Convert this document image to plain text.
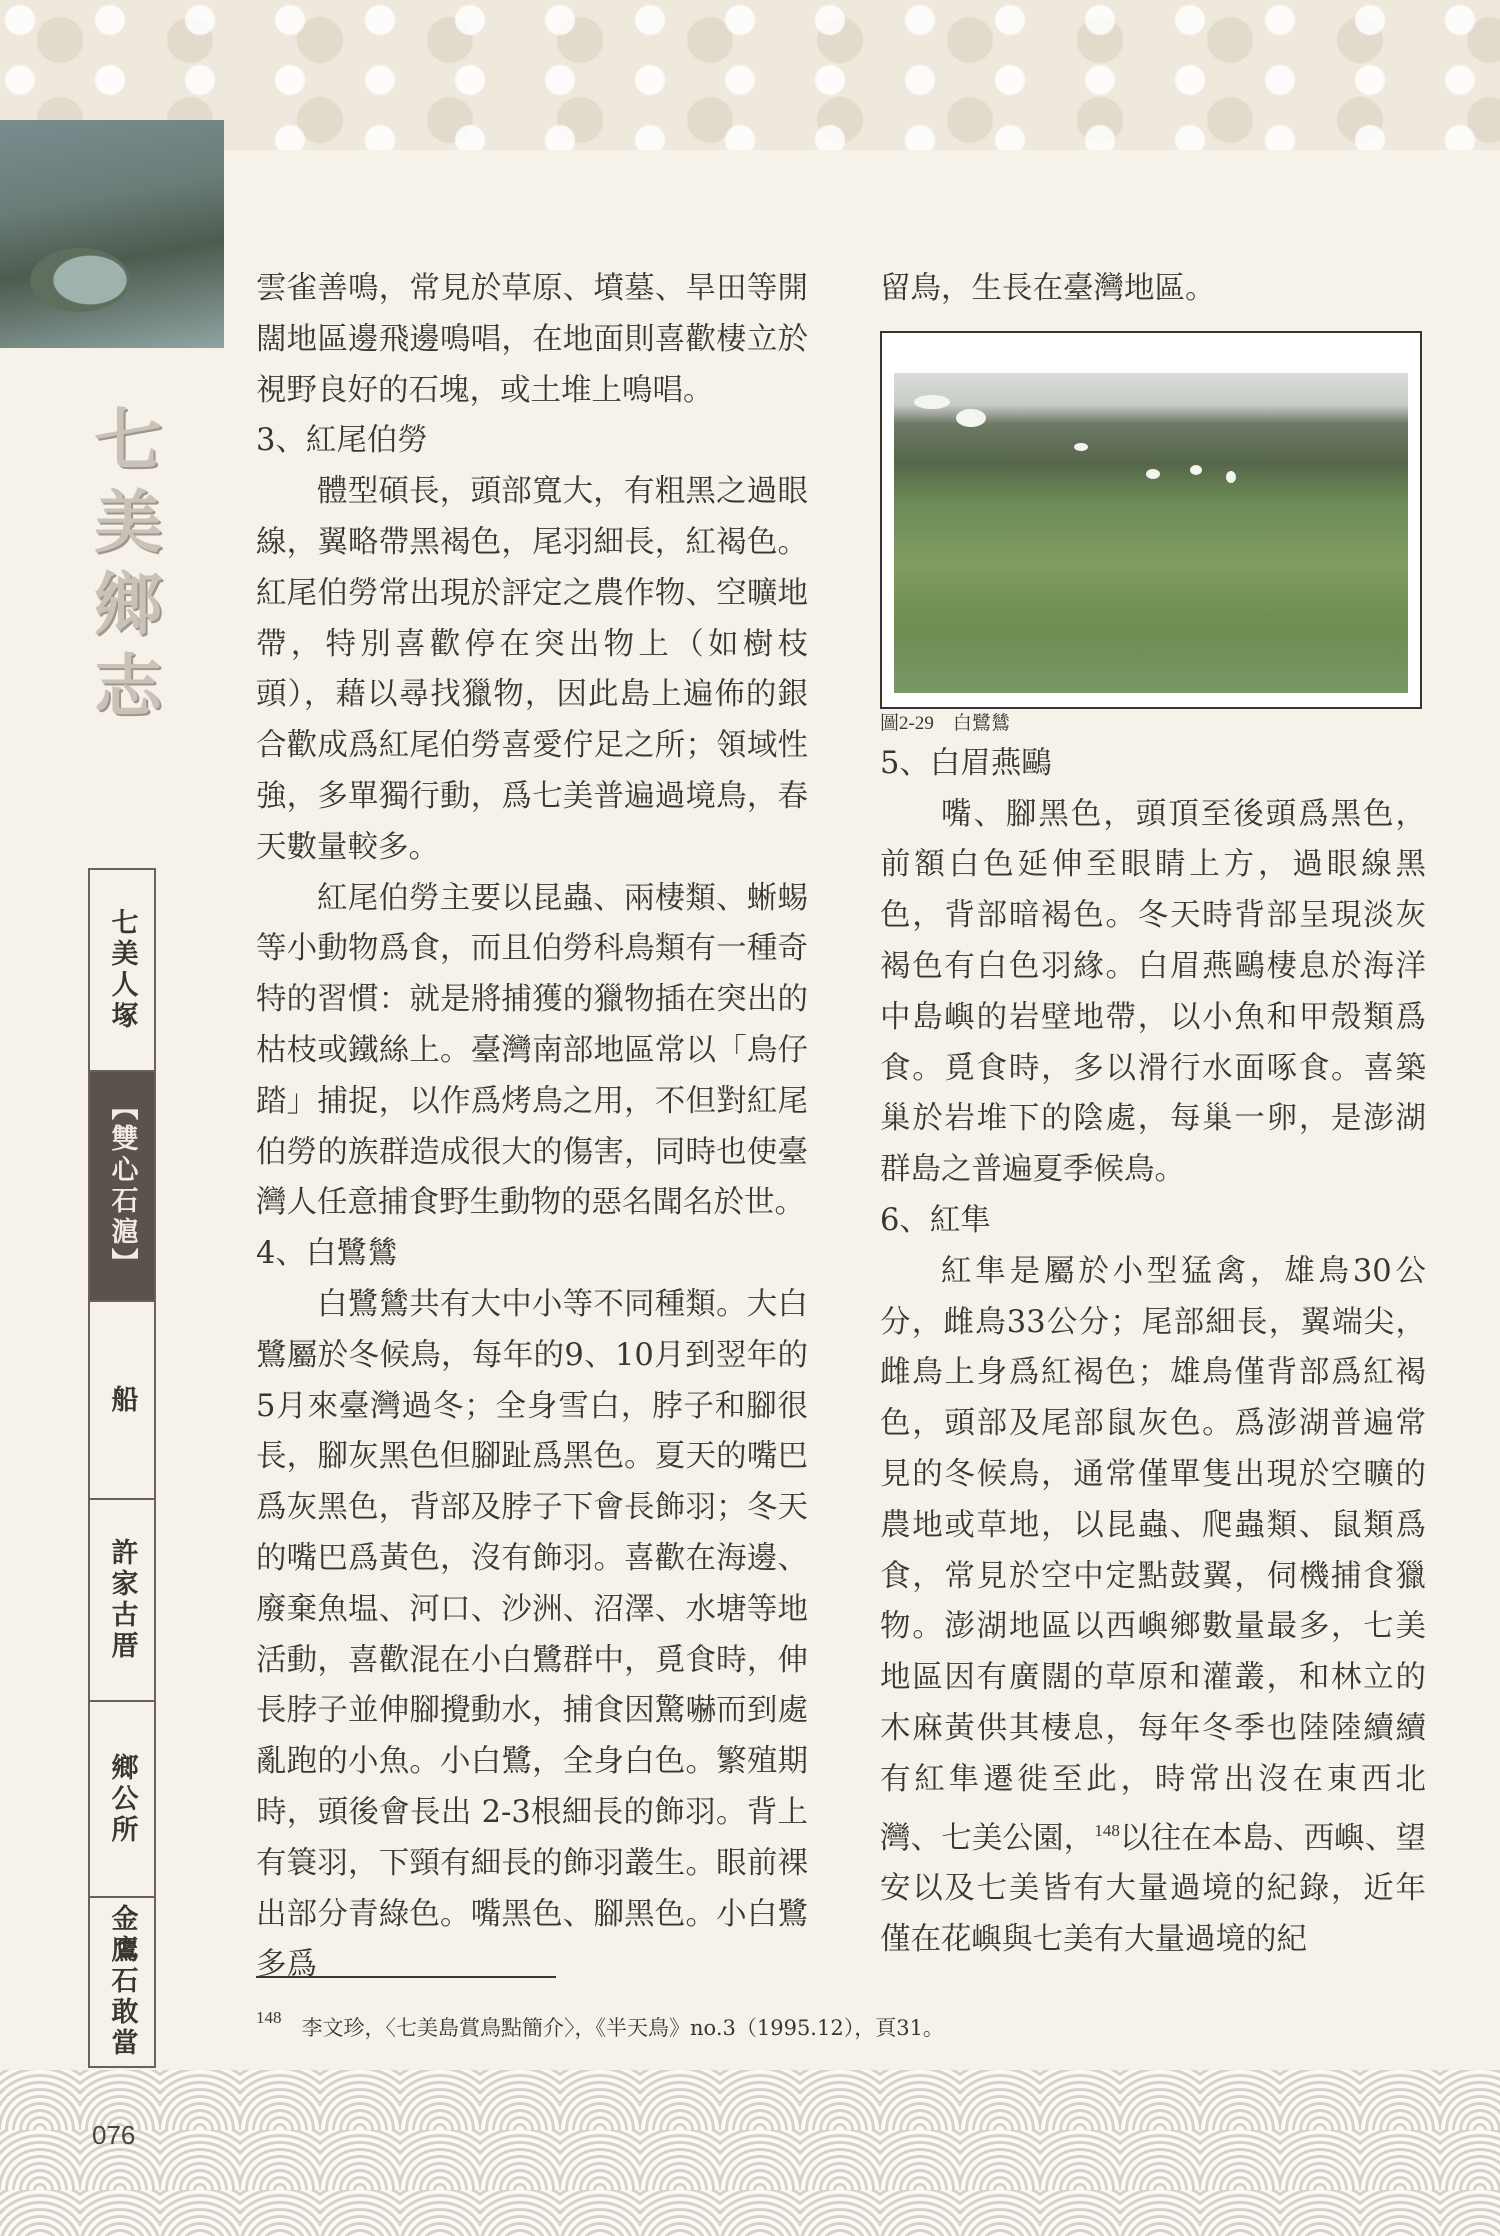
七美鄉志
七美人塚
【雙心石滬】
船
許家古厝
鄉公所
金鷹石敢當

雲雀善鳴，常見於草原、墳墓、旱田等開闊地區邊飛邊鳴唱，在地面則喜歡棲立於視野良好的石塊，或土堆上鳴唱。

3、紅尾伯勞

體型碩長，頭部寬大，有粗黑之過眼線，翼略帶黑褐色，尾羽細長，紅褐色。紅尾伯勞常出現於評定之農作物、空曠地帶，特別喜歡停在突出物上（如樹枝頭），藉以尋找獵物，因此島上遍佈的銀合歡成爲紅尾伯勞喜愛佇足之所；領域性強，多單獨行動，爲七美普遍過境鳥，春天數量較多。

紅尾伯勞主要以昆蟲、兩棲類、蜥蜴等小動物爲食，而且伯勞科鳥類有一種奇特的習慣：就是將捕獲的獵物插在突出的枯枝或鐵絲上。臺灣南部地區常以「鳥仔踏」捕捉，以作爲烤鳥之用，不但對紅尾伯勞的族群造成很大的傷害，同時也使臺灣人任意捕食野生動物的惡名聞名於世。

4、白鷺鷥

白鷺鷥共有大中小等不同種類。大白鷺屬於冬候鳥，每年的9、10月到翌年的5月來臺灣過冬；全身雪白，脖子和腳很長，腳灰黑色但腳趾爲黑色。夏天的嘴巴爲灰黑色，背部及脖子下會長飾羽；冬天的嘴巴爲黃色，沒有飾羽。喜歡在海邊、廢棄魚塭、河口、沙洲、沼澤、水塘等地活動，喜歡混在小白鷺群中，覓食時，伸長脖子並伸腳攪動水，捕食因驚嚇而到處亂跑的小魚。小白鷺，全身白色。繁殖期時，頭後會長出 2-3根細長的飾羽。背上有簑羽，下頸有細長的飾羽叢生。眼前裸出部分青綠色。嘴黑色、腳黑色。小白鷺多爲

留鳥，生長在臺灣地區。

圖2-29　白鷺鷥

5、白眉燕鷗

嘴、腳黑色，頭頂至後頭爲黑色，前額白色延伸至眼睛上方，過眼線黑色，背部暗褐色。冬天時背部呈現淡灰褐色有白色羽緣。白眉燕鷗棲息於海洋中島嶼的岩壁地帶，以小魚和甲殼類爲食。覓食時，多以滑行水面啄食。喜築巢於岩堆下的陰處，每巢一卵，是澎湖群島之普遍夏季候鳥。

6、紅隼

紅隼是屬於小型猛禽，雄鳥30公分，雌鳥33公分；尾部細長，翼端尖，雌鳥上身爲紅褐色；雄鳥僅背部爲紅褐色，頭部及尾部鼠灰色。爲澎湖普遍常見的冬候鳥，通常僅單隻出現於空曠的農地或草地，以昆蟲、爬蟲類、鼠類爲食，常見於空中定點鼓翼，伺機捕食獵物。澎湖地區以西嶼鄉數量最多，七美地區因有廣闊的草原和灌叢，和林立的木麻黃供其棲息，每年冬季也陸陸續續有紅隼遷徙至此，時常出沒在東西北灣、七美公園，$^{148}$以往在本島、西嶼、望安以及七美皆有大量過境的紀錄，近年僅在花嶼與七美有大量過境的紀

$^{148}$ 李文珍，〈七美島賞鳥點簡介〉，《半天鳥》no.3（1995.12），頁31。
076
